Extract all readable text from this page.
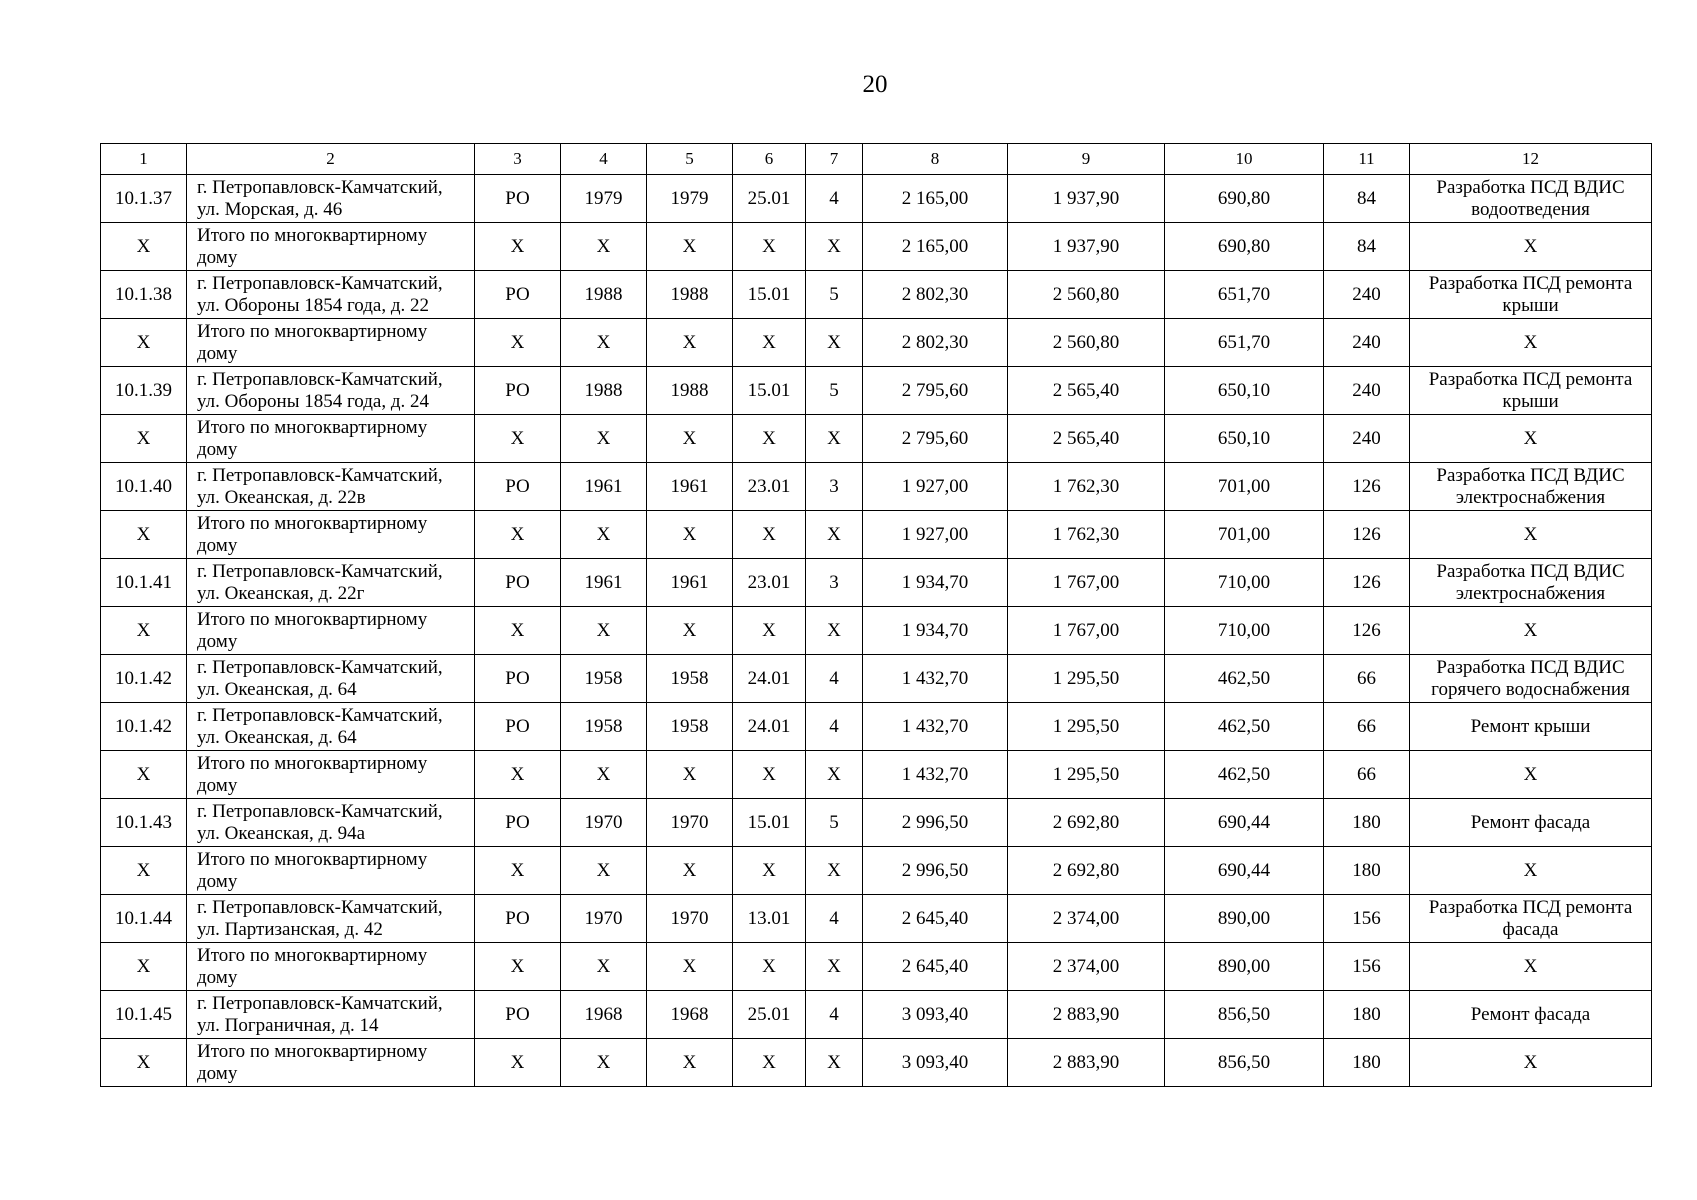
20
1	2	3	4	5	6	7	8	9	10	11	12
10.1.37	г. Петропавловск-Камчатский,
ул. Морская, д. 46	РО	1979	1979	25.01	4	2 165,00	1 937,90	690,80	84	Разработка ПСД ВДИС
водоотведения
Х	Итого по многоквартирному
дому	Х	Х	Х	Х	Х	2 165,00	1 937,90	690,80	84	Х
10.1.38	г. Петропавловск-Камчатский,
ул. Обороны 1854 года, д. 22	РО	1988	1988	15.01	5	2 802,30	2 560,80	651,70	240	Разработка ПСД ремонта
крыши
Х	Итого по многоквартирному
дому	Х	Х	Х	Х	Х	2 802,30	2 560,80	651,70	240	Х
10.1.39	г. Петропавловск-Камчатский,
ул. Обороны 1854 года, д. 24	РО	1988	1988	15.01	5	2 795,60	2 565,40	650,10	240	Разработка ПСД ремонта
крыши
Х	Итого по многоквартирному
дому	Х	Х	Х	Х	Х	2 795,60	2 565,40	650,10	240	Х
10.1.40	г. Петропавловск-Камчатский,
ул. Океанская, д. 22в	РО	1961	1961	23.01	3	1 927,00	1 762,30	701,00	126	Разработка ПСД ВДИС
электроснабжения
Х	Итого по многоквартирному
дому	Х	Х	Х	Х	Х	1 927,00	1 762,30	701,00	126	Х
10.1.41	г. Петропавловск-Камчатский,
ул. Океанская, д. 22г	РО	1961	1961	23.01	3	1 934,70	1 767,00	710,00	126	Разработка ПСД ВДИС
электроснабжения
Х	Итого по многоквартирному
дому	Х	Х	Х	Х	Х	1 934,70	1 767,00	710,00	126	Х
10.1.42	г. Петропавловск-Камчатский,
ул. Океанская, д. 64	РО	1958	1958	24.01	4	1 432,70	1 295,50	462,50	66	Разработка ПСД ВДИС
горячего водоснабжения
10.1.42	г. Петропавловск-Камчатский,
ул. Океанская, д. 64	РО	1958	1958	24.01	4	1 432,70	1 295,50	462,50	66	Ремонт крыши
Х	Итого по многоквартирному
дому	Х	Х	Х	Х	Х	1 432,70	1 295,50	462,50	66	Х
10.1.43	г. Петропавловск-Камчатский,
ул. Океанская, д. 94а	РО	1970	1970	15.01	5	2 996,50	2 692,80	690,44	180	Ремонт фасада
Х	Итого по многоквартирному
дому	Х	Х	Х	Х	Х	2 996,50	2 692,80	690,44	180	Х
10.1.44	г. Петропавловск-Камчатский,
ул. Партизанская, д. 42	РО	1970	1970	13.01	4	2 645,40	2 374,00	890,00	156	Разработка ПСД ремонта
фасада
Х	Итого по многоквартирному
дому	Х	Х	Х	Х	Х	2 645,40	2 374,00	890,00	156	Х
10.1.45	г. Петропавловск-Камчатский,
ул. Пограничная, д. 14	РО	1968	1968	25.01	4	3 093,40	2 883,90	856,50	180	Ремонт фасада
Х	Итого по многоквартирному
дому	Х	Х	Х	Х	Х	3 093,40	2 883,90	856,50	180	Х
